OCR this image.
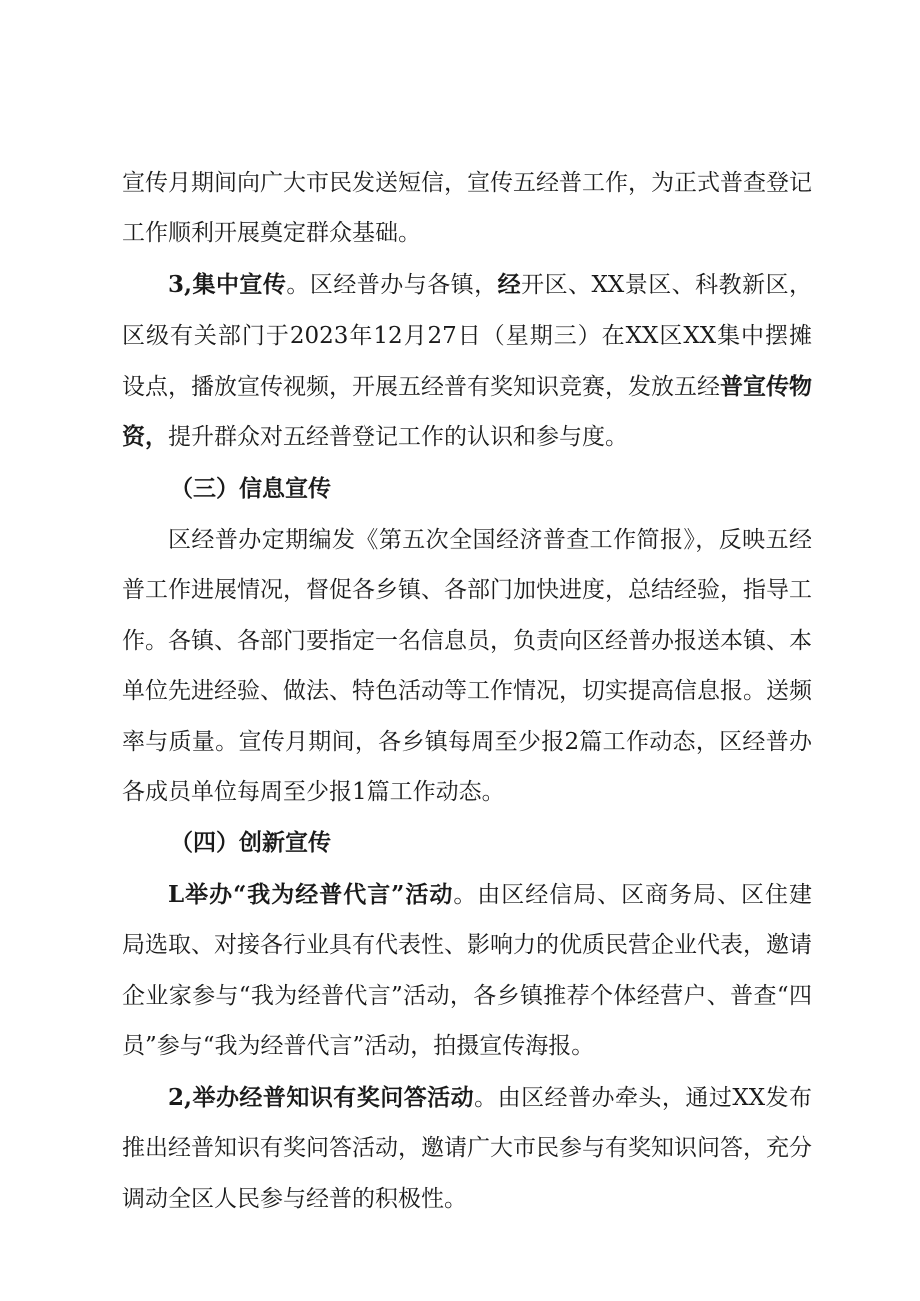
宣传月期间向广大市民发送短信，宣传五经普工作，为正式普查登记
工作顺利开展奠定群众基础。
3,集中宣传。区经普办与各镇，经开区、XX景区、科教新区，
区级有关部门于2023年12月27日（星期三）在XX区XX集中摆摊
设点，播放宣传视频，开展五经普有奖知识竞赛，发放五经普宣传物
资，提升群众对五经普登记工作的认识和参与度。
（三）信息宣传
区经普办定期编发《第五次全国经济普查工作简报》，反映五经
普工作进展情况，督促各乡镇、各部门加快进度，总结经验，指导工
作。各镇、各部门要指定一名信息员，负责向区经普办报送本镇、本
单位先进经验、做法、特色活动等工作情况，切实提高信息报。送频
率与质量。宣传月期间，各乡镇每周至少报2篇工作动态，区经普办
各成员单位每周至少报1篇工作动态。
（四）创新宣传
L举办“我为经普代言”活动。由区经信局、区商务局、区住建
局选取、对接各行业具有代表性、影响力的优质民营企业代表，邀请
企业家参与“我为经普代言”活动，各乡镇推荐个体经营户、普查“四
员”参与“我为经普代言”活动，拍摄宣传海报。
2,举办经普知识有奖问答活动。由区经普办牵头，通过XX发布
推出经普知识有奖问答活动，邀请广大市民参与有奖知识问答，充分
调动全区人民参与经普的积极性。
